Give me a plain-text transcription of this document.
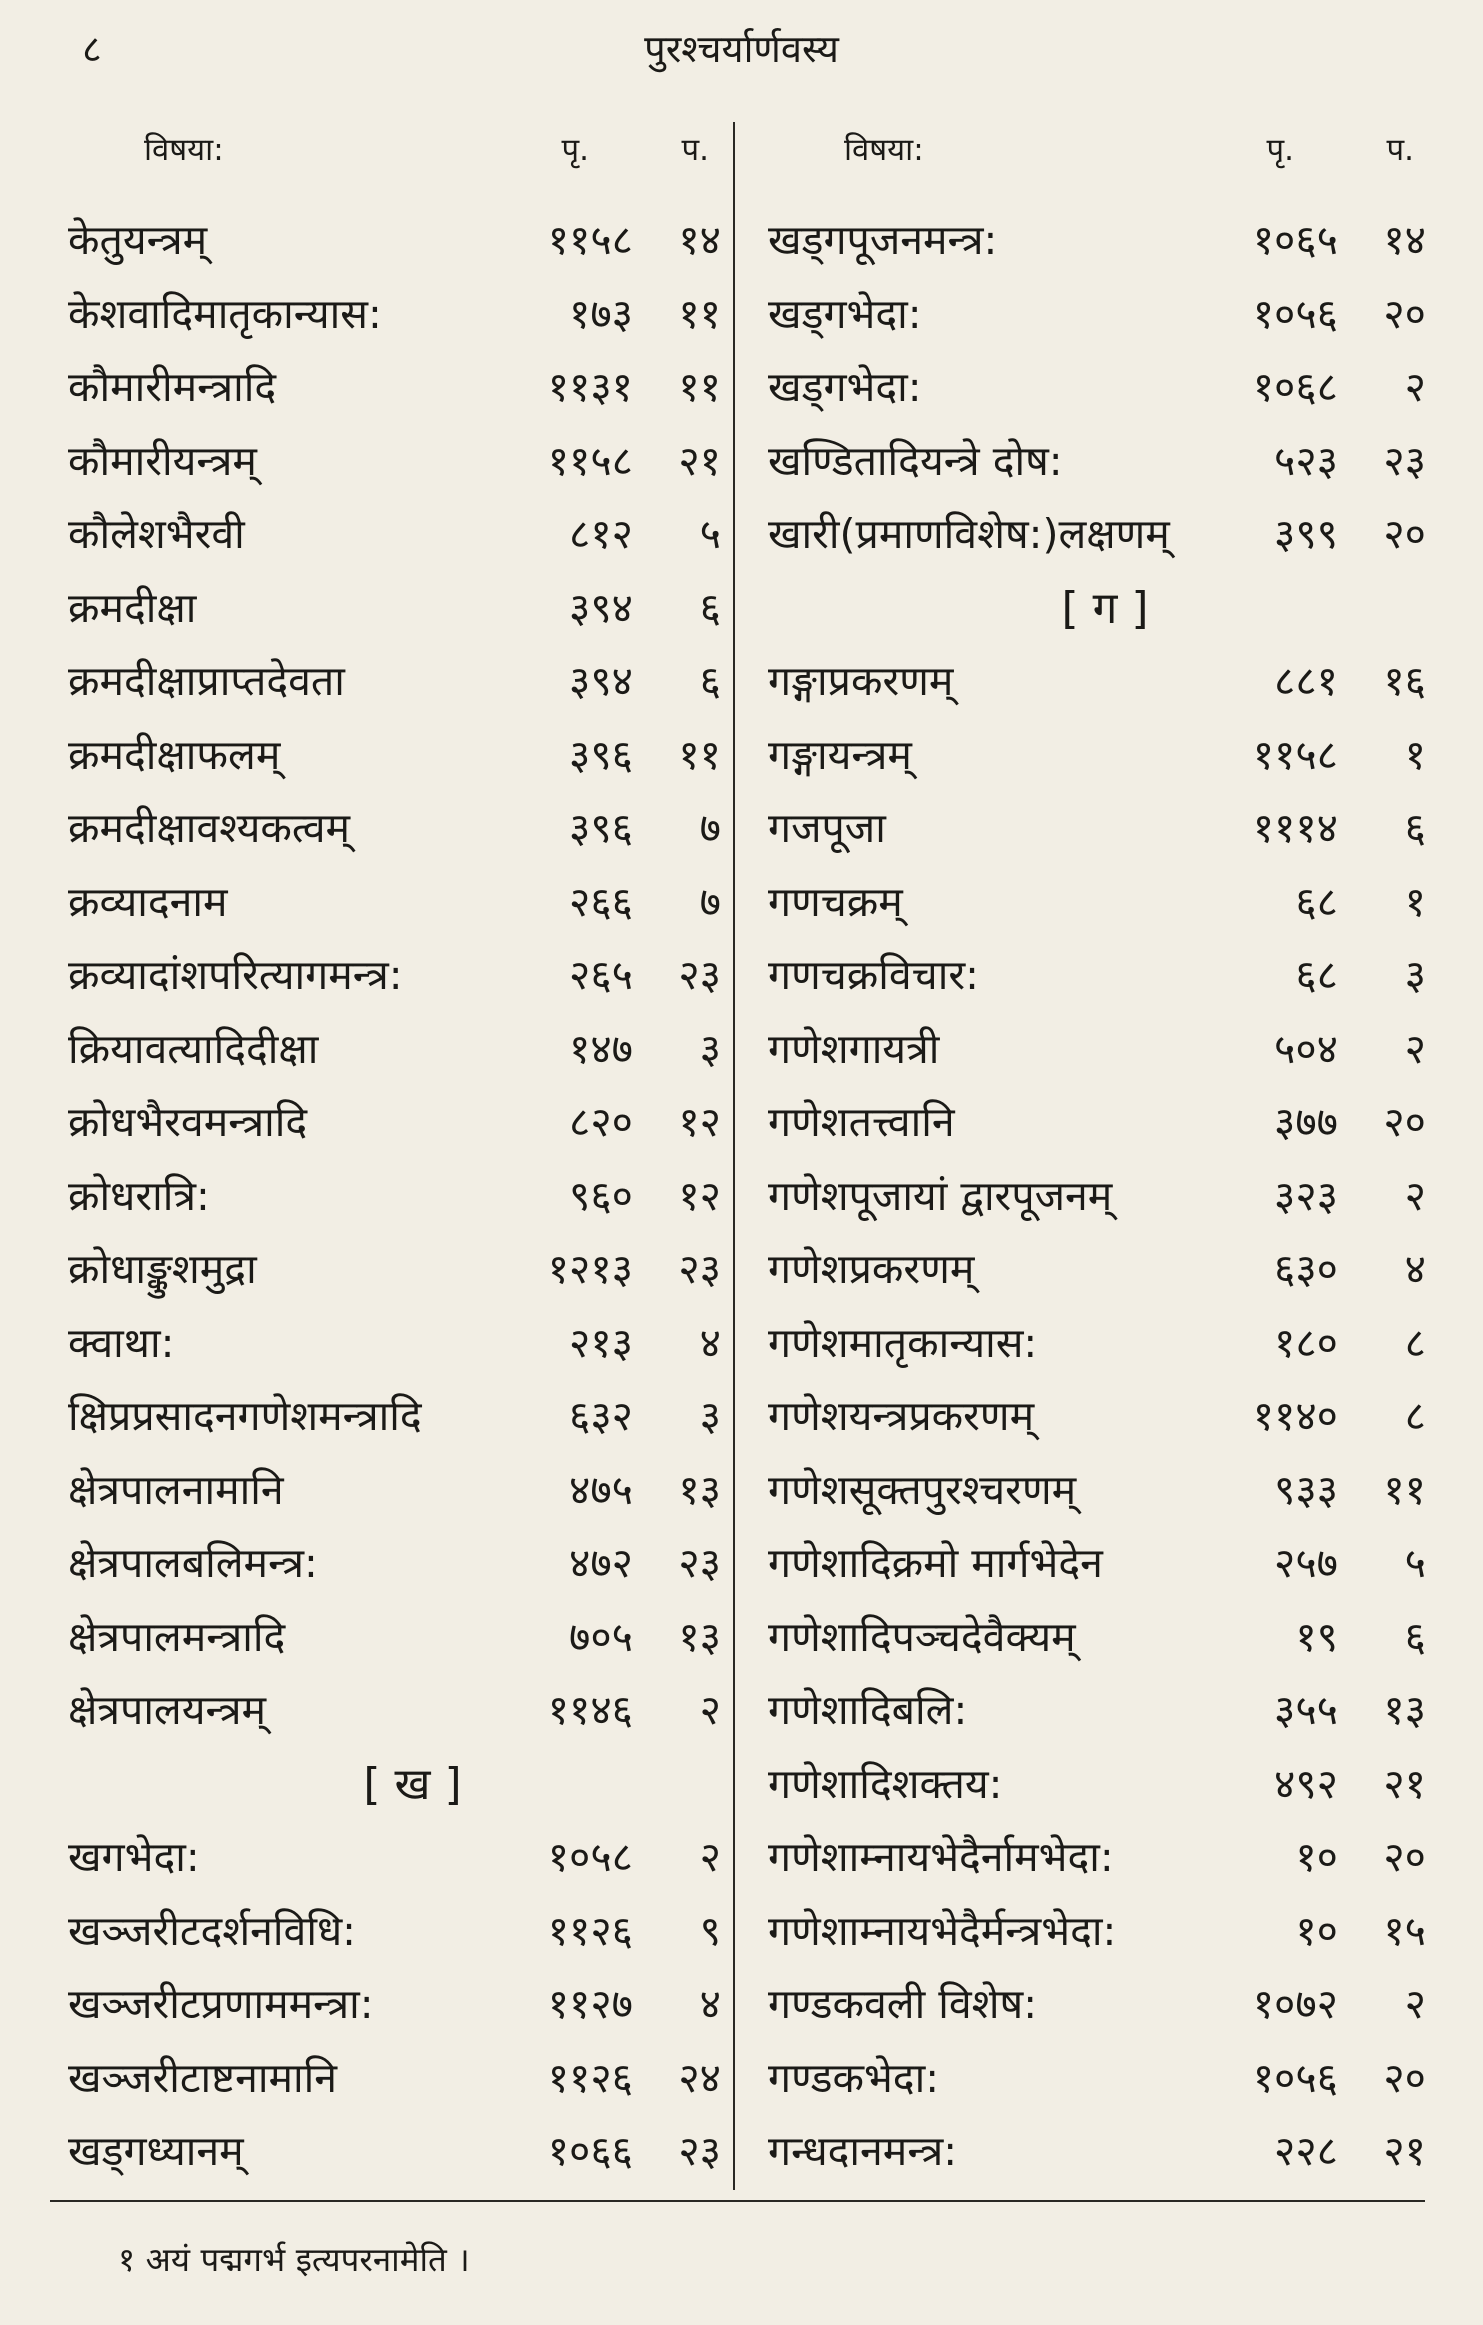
८	पुरश्चर्यार्णवस्य
विषया:	पृ.	प.
केतुयन्त्रम्	११५८ १४
केशवादिमातृकान्यास:	१७३ ११
कौमारीमन्त्रादि	११३१ ११
कौमारीयन्त्रम्	११५८ २१
कौलेशभैरवी	८१२ ५
क्रमदीक्षा	३९४ ६
क्रमदीक्षाप्राप्तदेवता	३९४ ६
क्रमदीक्षाफलम्	३९६ ११
क्रमदीक्षावश्यकत्वम्	३९६ ७
क्रव्यादनाम	२६६ ७
क्रव्यादांशपरित्यागमन्त्र:	२६५ २३
क्रियावत्यादिदीक्षा	१४७ ३
क्रोधभैरवमन्त्रादि	८२० १२
क्रोधरात्रि:	९६० १२
क्रोधाङ्कुशमुद्रा	१२१३ २३
क्वाथा:	२१३ ४
क्षिप्रप्रसादनगणेशमन्त्रादि	६३२ ३
क्षेत्रपालनामानि	४७५ १३
क्षेत्रपालबलिमन्त्र:	४७२ २३
क्षेत्रपालमन्त्रादि	७०५ १३
क्षेत्रपालयन्त्रम्	११४६ २
[ ख ]
खगभेदा:	१०५८ २
खञ्जरीटदर्शनविधि:	११२६ ९
खञ्जरीटप्रणाममन्त्रा:	११२७ ४
खञ्जरीटाष्टनामानि	११२६ २४
खड्गध्यानम्	१०६६ २३
विषया:	पृ.	प.
खड्गपूजनमन्त्र:	१०६५ १४
खड्गभेदा:	१०५६ २०
खड्गभेदा:	१०६८ २
खण्डितादियन्त्रे दोष:	५२३ २३
खारी(प्रमाणविशेष:)लक्षणम्	३९९ २०
[ ग ]
गङ्गाप्रकरणम्	८८१ १६
गङ्गायन्त्रम्	११५८ १
गजपूजा	१११४ ६
गणचक्रम्	६८ १
गणचक्रविचार:	६८ ३
गणेशगायत्री	५०४ २
गणेशतत्त्वानि	३७७ २०
गणेशपूजायां द्वारपूजनम्	३२३ २
गणेशप्रकरणम्	६३० ४
गणेशमातृकान्यास:	१८० ८
गणेशयन्त्रप्रकरणम्	११४० ८
गणेशसूक्तपुरश्चरणम्	९३३ ११
गणेशादिक्रमो मार्गभेदेन	२५७ ५
गणेशादिपञ्चदेवैक्यम्	१९ ६
गणेशादिबलि:	३५५ १३
गणेशादिशक्तय:	४९२ २१
गणेशाम्नायभेदैर्नामभेदा:	१० २०
गणेशाम्नायभेदैर्मन्त्रभेदा:	१० १५
गण्डकवली विशेष:	१०७२ २
गण्डकभेदा:	१०५६ २०
गन्धदानमन्त्र:	२२८ २१
१ अयं पद्मगर्भ इत्यपरनामेति ।
